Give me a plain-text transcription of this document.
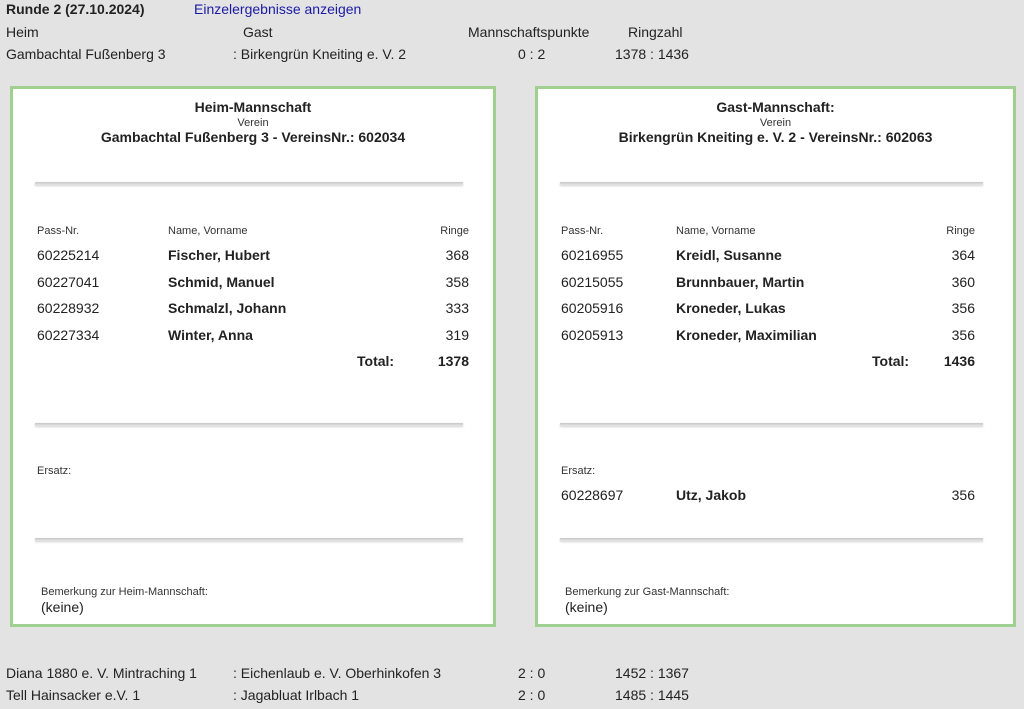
Runde 2 (27.10.2024)	Einzelergebnisse anzeigen
Heim	Gast	Mannschaftspunkte	Ringzahl
Gambachtal Fußenberg 3	: Birkengrün Kneiting e. V. 2	0 : 2	1378 : 1436
Heim-Mannschaft
Verein
Gambachtal Fußenberg 3 - VereinsNr.: 602034
Pass-Nr.	Name, Vorname	Ringe
60225214	Fischer, Hubert	368
60227041	Schmid, Manuel	358
60228932	Schmalzl, Johann	333
60227334	Winter, Anna	319
Total:	1378
Ersatz:
Bemerkung zur Heim-Mannschaft:
(keine)
Gast-Mannschaft:
Verein
Birkengrün Kneiting e. V. 2 - VereinsNr.: 602063
Pass-Nr.	Name, Vorname	Ringe
60216955	Kreidl, Susanne	364
60215055	Brunnbauer, Martin	360
60205916	Kroneder, Lukas	356
60205913	Kroneder, Maximilian	356
Total:	1436
Ersatz:
60228697	Utz, Jakob	356
Bemerkung zur Gast-Mannschaft:
(keine)
Diana 1880 e. V. Mintraching 1	: Eichenlaub e. V. Oberhinkofen 3	2 : 0	1452 : 1367
Tell Hainsacker e.V. 1	: Jagabluat Irlbach 1	2 : 0	1485 : 1445
